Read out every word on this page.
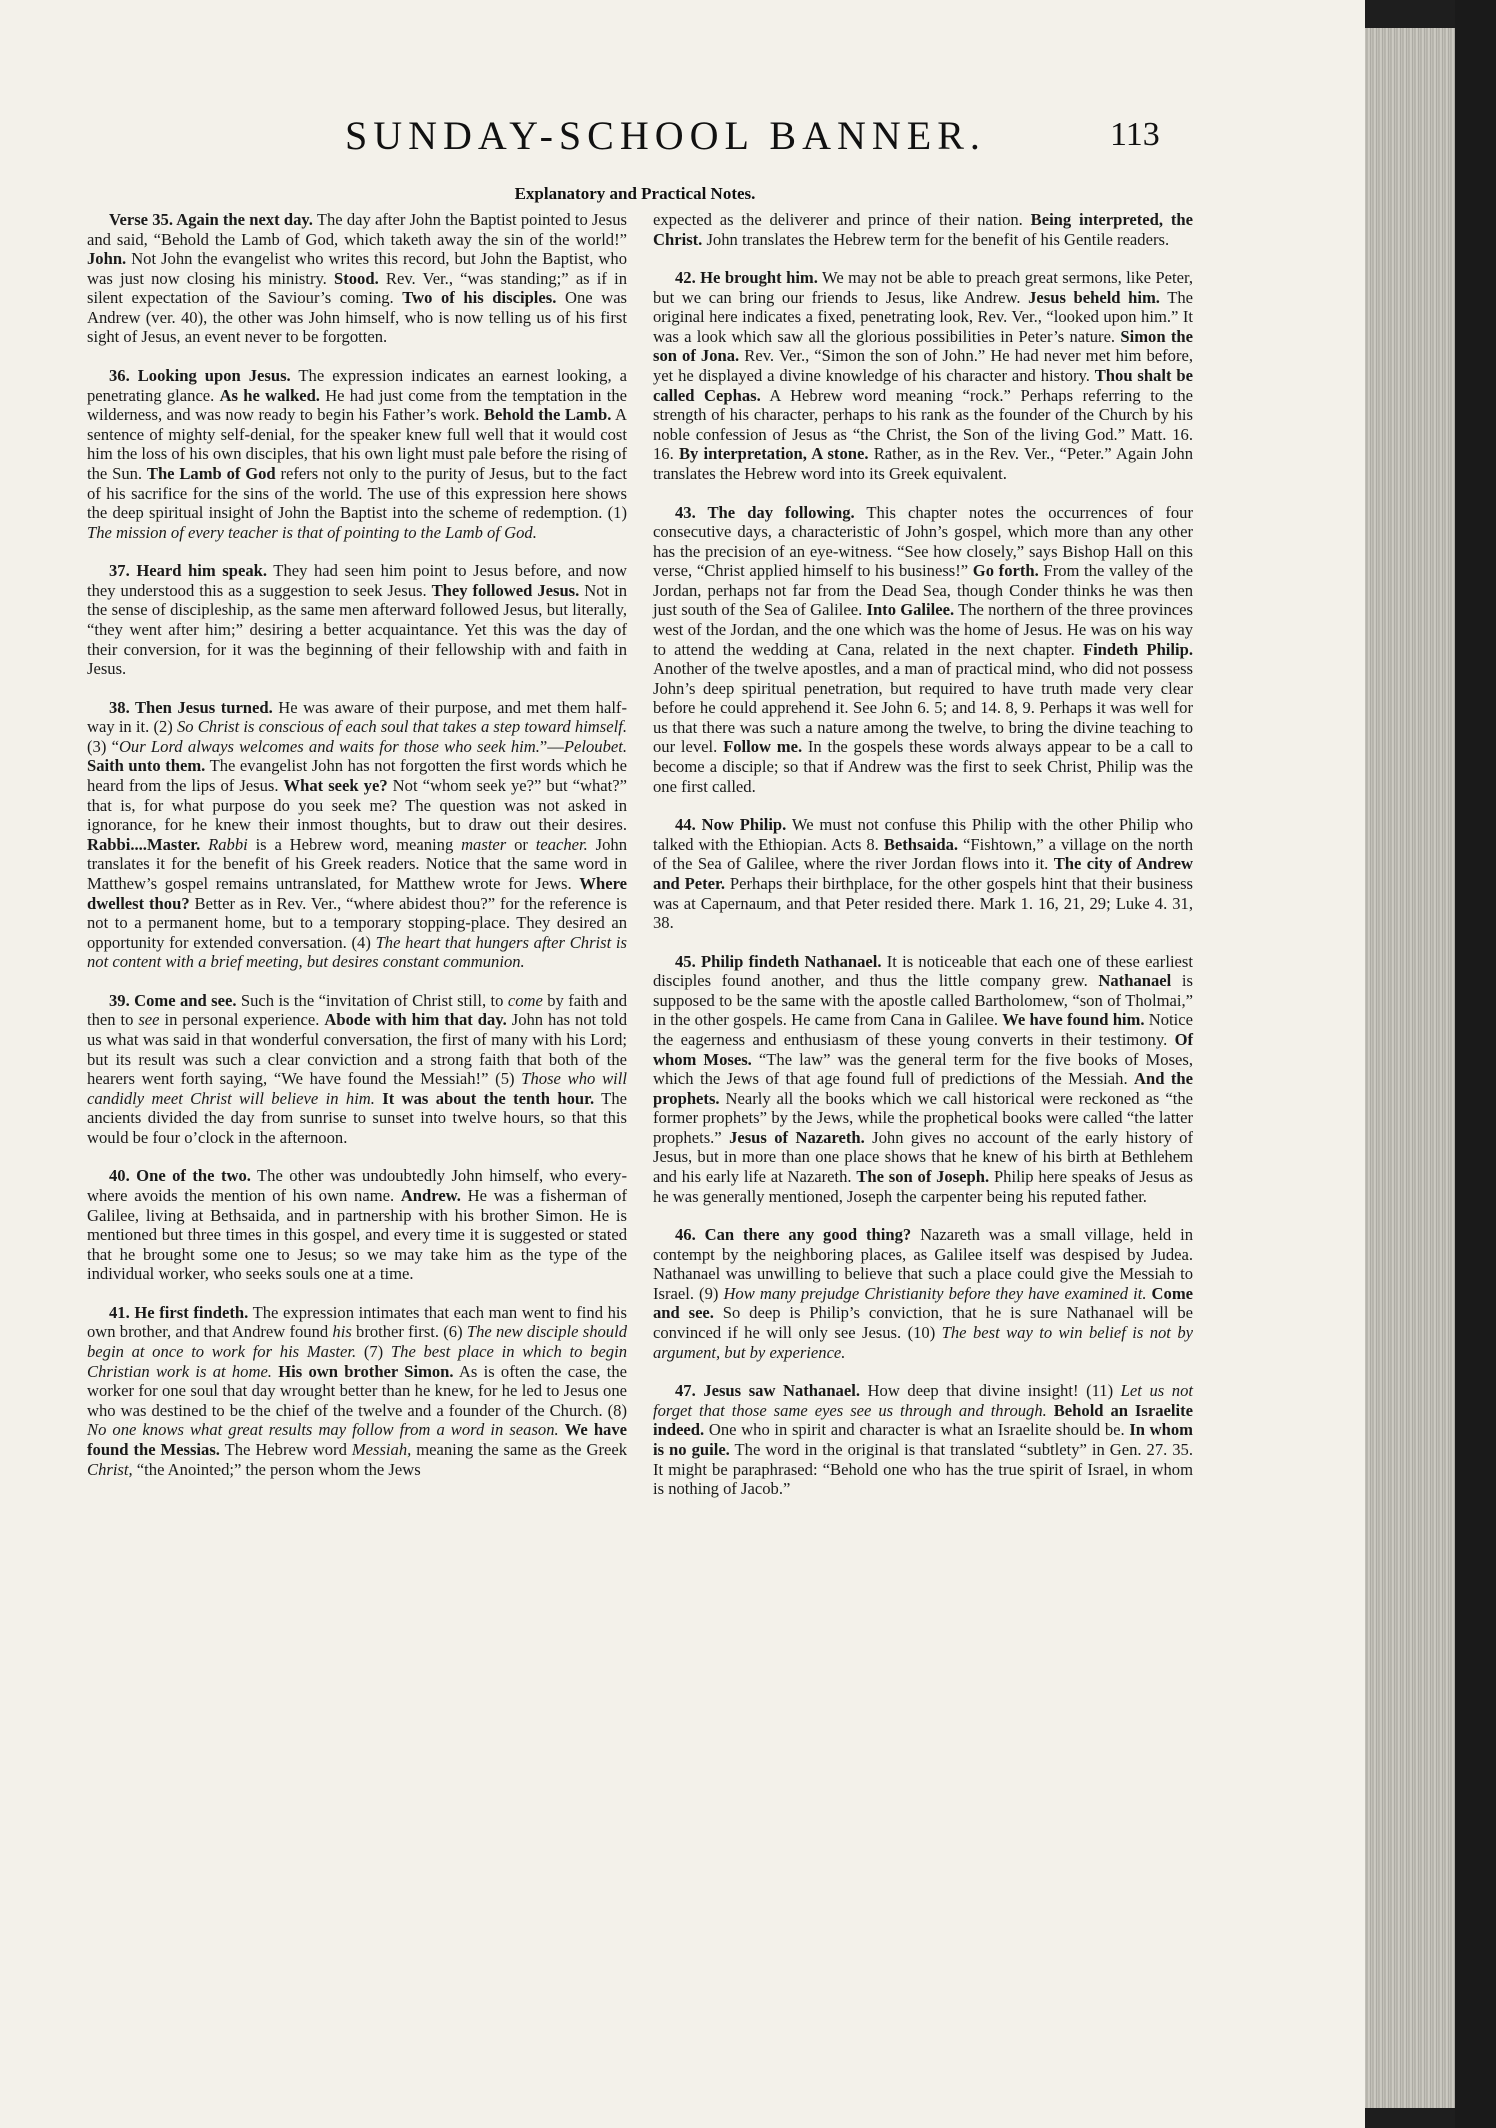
SUNDAY-SCHOOL BANNER.	113
Explanatory and Practical Notes.

Verse 35. Again the next day. The day after John the Baptist pointed to Jesus and said, “Behold the Lamb of God, which taketh away the sin of the world!” John. Not John the evangelist who writes this record, but John the Baptist, who was just now closing his ministry. Stood. Rev. Ver., “was standing;” as if in silent expectation of the Saviour’s coming. Two of his disciples. One was Andrew (ver. 40), the other was John himself, who is now telling us of his first sight of Jesus, an event never to be forgotten.

36. Looking upon Jesus. The expression indicates an earnest looking, a penetrating glance. As he walked. He had just come from the temptation in the wilderness, and was now ready to begin his Father’s work. Behold the Lamb. A sentence of mighty self-denial, for the speaker knew full well that it would cost him the loss of his own disciples, that his own light must pale before the rising of the Sun. The Lamb of God refers not only to the purity of Jesus, but to the fact of his sacrifice for the sins of the world. The use of this expression here shows the deep spiritual insight of John the Baptist into the scheme of redemption. (1) The mission of every teacher is that of pointing to the Lamb of God.

37. Heard him speak. They had seen him point to Jesus before, and now they understood this as a suggestion to seek Jesus. They followed Jesus. Not in the sense of discipleship, as the same men afterward followed Jesus, but literally, “they went after him;” desiring a better acquaintance. Yet this was the day of their conversion, for it was the beginning of their fellowship with and faith in Jesus.

38. Then Jesus turned. He was aware of their purpose, and met them half-way in it. (2) So Christ is conscious of each soul that takes a step toward himself. (3) “Our Lord always welcomes and waits for those who seek him.”—Peloubet. Saith unto them. The evangelist John has not forgotten the first words which he heard from the lips of Jesus. What seek ye? Not “whom seek ye?” but “what?” that is, for what purpose do you seek me? The question was not asked in ignorance, for he knew their inmost thoughts, but to draw out their desires. Rabbi....Master. Rabbi is a Hebrew word, meaning master or teacher. John translates it for the benefit of his Greek readers. Notice that the same word in Matthew’s gospel remains untranslated, for Matthew wrote for Jews. Where dwellest thou? Better as in Rev. Ver., “where abidest thou?” for the reference is not to a permanent home, but to a temporary stopping-place. They desired an opportunity for extended conversation. (4) The heart that hungers after Christ is not content with a brief meeting, but desires constant communion.

39. Come and see. Such is the “invitation of Christ still, to come by faith and then to see in personal experience. Abode with him that day. John has not told us what was said in that wonderful conversation, the first of many with his Lord; but its result was such a clear conviction and a strong faith that both of the hearers went forth saying, “We have found the Messiah!” (5) Those who will candidly meet Christ will believe in him. It was about the tenth hour. The ancients divided the day from sunrise to sunset into twelve hours, so that this would be four o’clock in the afternoon.

40. One of the two. The other was undoubtedly John himself, who every-where avoids the mention of his own name. Andrew. He was a fisherman of Galilee, living at Bethsaida, and in partnership with his brother Simon. He is mentioned but three times in this gospel, and every time it is suggested or stated that he brought some one to Jesus; so we may take him as the type of the individual worker, who seeks souls one at a time.

41. He first findeth. The expression intimates that each man went to find his own brother, and that Andrew found his brother first. (6) The new disciple should begin at once to work for his Master. (7) The best place in which to begin Christian work is at home. His own brother Simon. As is often the case, the worker for one soul that day wrought better than he knew, for he led to Jesus one who was destined to be the chief of the twelve and a founder of the Church. (8) No one knows what great results may follow from a word in season. We have found the Messias. The Hebrew word Messiah, meaning the same as the Greek Christ, “the Anointed;” the person whom the Jews

expected as the deliverer and prince of their nation. Being interpreted, the Christ. John translates the Hebrew term for the benefit of his Gentile readers.

42. He brought him. We may not be able to preach great sermons, like Peter, but we can bring our friends to Jesus, like Andrew. Jesus beheld him. The original here indicates a fixed, penetrating look, Rev. Ver., “looked upon him.” It was a look which saw all the glorious possibilities in Peter’s nature. Simon the son of Jona. Rev. Ver., “Simon the son of John.” He had never met him before, yet he displayed a divine knowledge of his character and history. Thou shalt be called Cephas. A Hebrew word meaning “rock.” Perhaps referring to the strength of his character, perhaps to his rank as the founder of the Church by his noble confession of Jesus as “the Christ, the Son of the living God.” Matt. 16. 16. By interpretation, A stone. Rather, as in the Rev. Ver., “Peter.” Again John translates the Hebrew word into its Greek equivalent.

43. The day following. This chapter notes the occurrences of four consecutive days, a characteristic of John’s gospel, which more than any other has the precision of an eye-witness. “See how closely,” says Bishop Hall on this verse, “Christ applied himself to his business!” Go forth. From the valley of the Jordan, perhaps not far from the Dead Sea, though Conder thinks he was then just south of the Sea of Galilee. Into Galilee. The northern of the three provinces west of the Jordan, and the one which was the home of Jesus. He was on his way to attend the wedding at Cana, related in the next chapter. Findeth Philip. Another of the twelve apostles, and a man of practical mind, who did not possess John’s deep spiritual penetration, but required to have truth made very clear before he could apprehend it. See John 6. 5; and 14. 8, 9. Perhaps it was well for us that there was such a nature among the twelve, to bring the divine teaching to our level. Follow me. In the gospels these words always appear to be a call to become a disciple; so that if Andrew was the first to seek Christ, Philip was the one first called.

44. Now Philip. We must not confuse this Philip with the other Philip who talked with the Ethiopian. Acts 8. Bethsaida. “Fishtown,” a village on the north of the Sea of Galilee, where the river Jordan flows into it. The city of Andrew and Peter. Perhaps their birthplace, for the other gospels hint that their business was at Capernaum, and that Peter resided there. Mark 1. 16, 21, 29; Luke 4. 31, 38.

45. Philip findeth Nathanael. It is noticeable that each one of these earliest disciples found another, and thus the little company grew. Nathanael is supposed to be the same with the apostle called Bartholomew, “son of Tholmai,” in the other gospels. He came from Cana in Galilee. We have found him. Notice the eagerness and enthusiasm of these young converts in their testimony. Of whom Moses. “The law” was the general term for the five books of Moses, which the Jews of that age found full of predictions of the Messiah. And the prophets. Nearly all the books which we call historical were reckoned as “the former prophets” by the Jews, while the prophetical books were called “the latter prophets.” Jesus of Nazareth. John gives no account of the early history of Jesus, but in more than one place shows that he knew of his birth at Bethlehem and his early life at Nazareth. The son of Joseph. Philip here speaks of Jesus as he was generally mentioned, Joseph the carpenter being his reputed father.

46. Can there any good thing? Nazareth was a small village, held in contempt by the neighboring places, as Galilee itself was despised by Judea. Nathanael was unwilling to believe that such a place could give the Messiah to Israel. (9) How many prejudge Christianity before they have examined it. Come and see. So deep is Philip’s conviction, that he is sure Nathanael will be convinced if he will only see Jesus. (10) The best way to win belief is not by argument, but by experience.

47. Jesus saw Nathanael. How deep that divine insight! (11) Let us not forget that those same eyes see us through and through. Behold an Israelite indeed. One who in spirit and character is what an Israelite should be. In whom is no guile. The word in the original is that translated “subtlety” in Gen. 27. 35. It might be paraphrased: “Behold one who has the true spirit of Israel, in whom is nothing of Jacob.”
